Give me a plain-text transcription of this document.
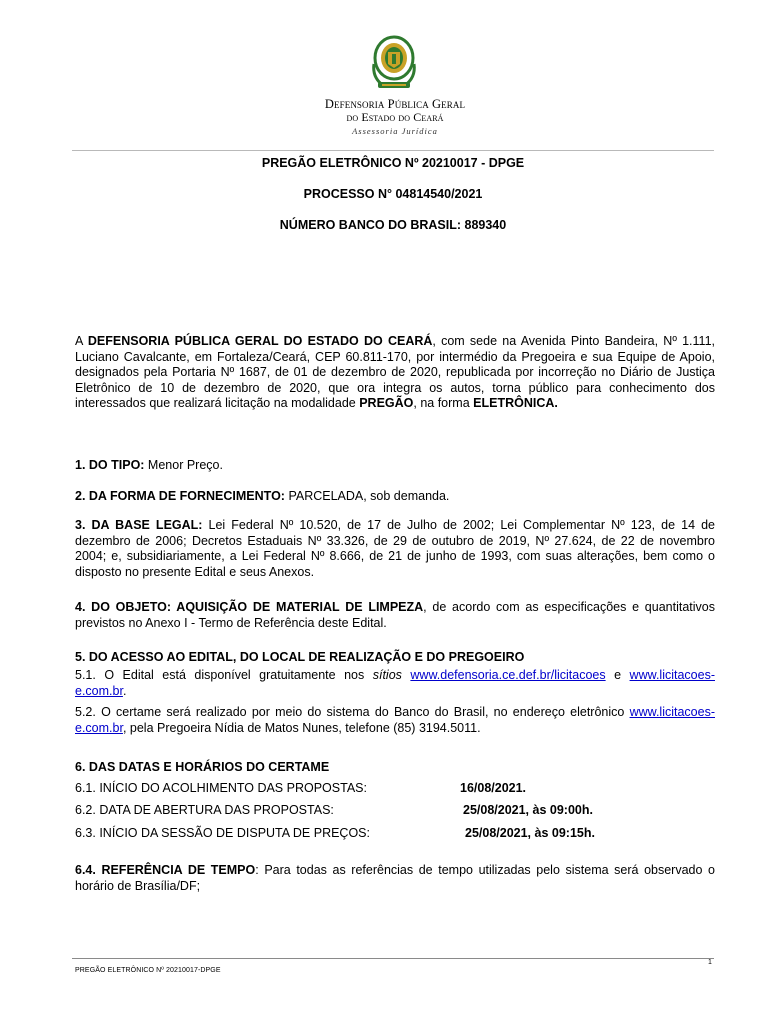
Defensoria Pública Geral
do Estado do Ceará
Assessoria Jurídica
PREGÃO ELETRÔNICO Nº 20210017 - DPGE
PROCESSO N° 04814540/2021
NÚMERO BANCO DO BRASIL: 889340
A DEFENSORIA PÚBLICA GERAL DO ESTADO DO CEARÁ, com sede na Avenida Pinto Bandeira, Nº 1.111, Luciano Cavalcante, em Fortaleza/Ceará, CEP 60.811-170, por intermédio da Pregoeira e sua Equipe de Apoio, designados pela Portaria Nº 1687, de 01 de dezembro de 2020, republicada por incorreção no Diário de Justiça Eletrônico de 10 de dezembro de 2020, que ora integra os autos, torna público para conhecimento dos interessados que realizará licitação na modalidade PREGÃO, na forma ELETRÔNICA.
1. DO TIPO: Menor Preço.
2. DA FORMA DE FORNECIMENTO: PARCELADA, sob demanda.
3. DA BASE LEGAL: Lei Federal Nº 10.520, de 17 de Julho de 2002; Lei Complementar Nº 123, de 14 de dezembro de 2006; Decretos Estaduais Nº 33.326, de 29 de outubro de 2019, Nº 27.624, de 22 de novembro 2004; e, subsidiariamente, a Lei Federal Nº 8.666, de 21 de junho de 1993, com suas alterações, bem como o disposto no presente Edital e seus Anexos.
4. DO OBJETO: AQUISIÇÃO DE MATERIAL DE LIMPEZA, de acordo com as especificações e quantitativos previstos no Anexo I - Termo de Referência deste Edital.
5. DO ACESSO AO EDITAL, DO LOCAL DE REALIZAÇÃO E DO PREGOEIRO
5.1. O Edital está disponível gratuitamente nos sítios www.defensoria.ce.def.br/licitacoes e www.licitacoes-e.com.br.
5.2. O certame será realizado por meio do sistema do Banco do Brasil, no endereço eletrônico www.licitacoes-e.com.br, pela Pregoeira Nídia de Matos Nunes, telefone (85) 3194.5011.
6. DAS DATAS E HORÁRIOS DO CERTAME
6.1. INÍCIO DO ACOLHIMENTO DAS PROPOSTAS:	16/08/2021.
6.2. DATA DE ABERTURA DAS PROPOSTAS:	25/08/2021, às 09:00h.
6.3. INÍCIO DA SESSÃO DE DISPUTA DE PREÇOS:	25/08/2021, às 09:15h.
6.4. REFERÊNCIA DE TEMPO: Para todas as referências de tempo utilizadas pelo sistema será observado o horário de Brasília/DF;
PREGÃO ELETRÔNICO Nº 20210017-DPGE
1
